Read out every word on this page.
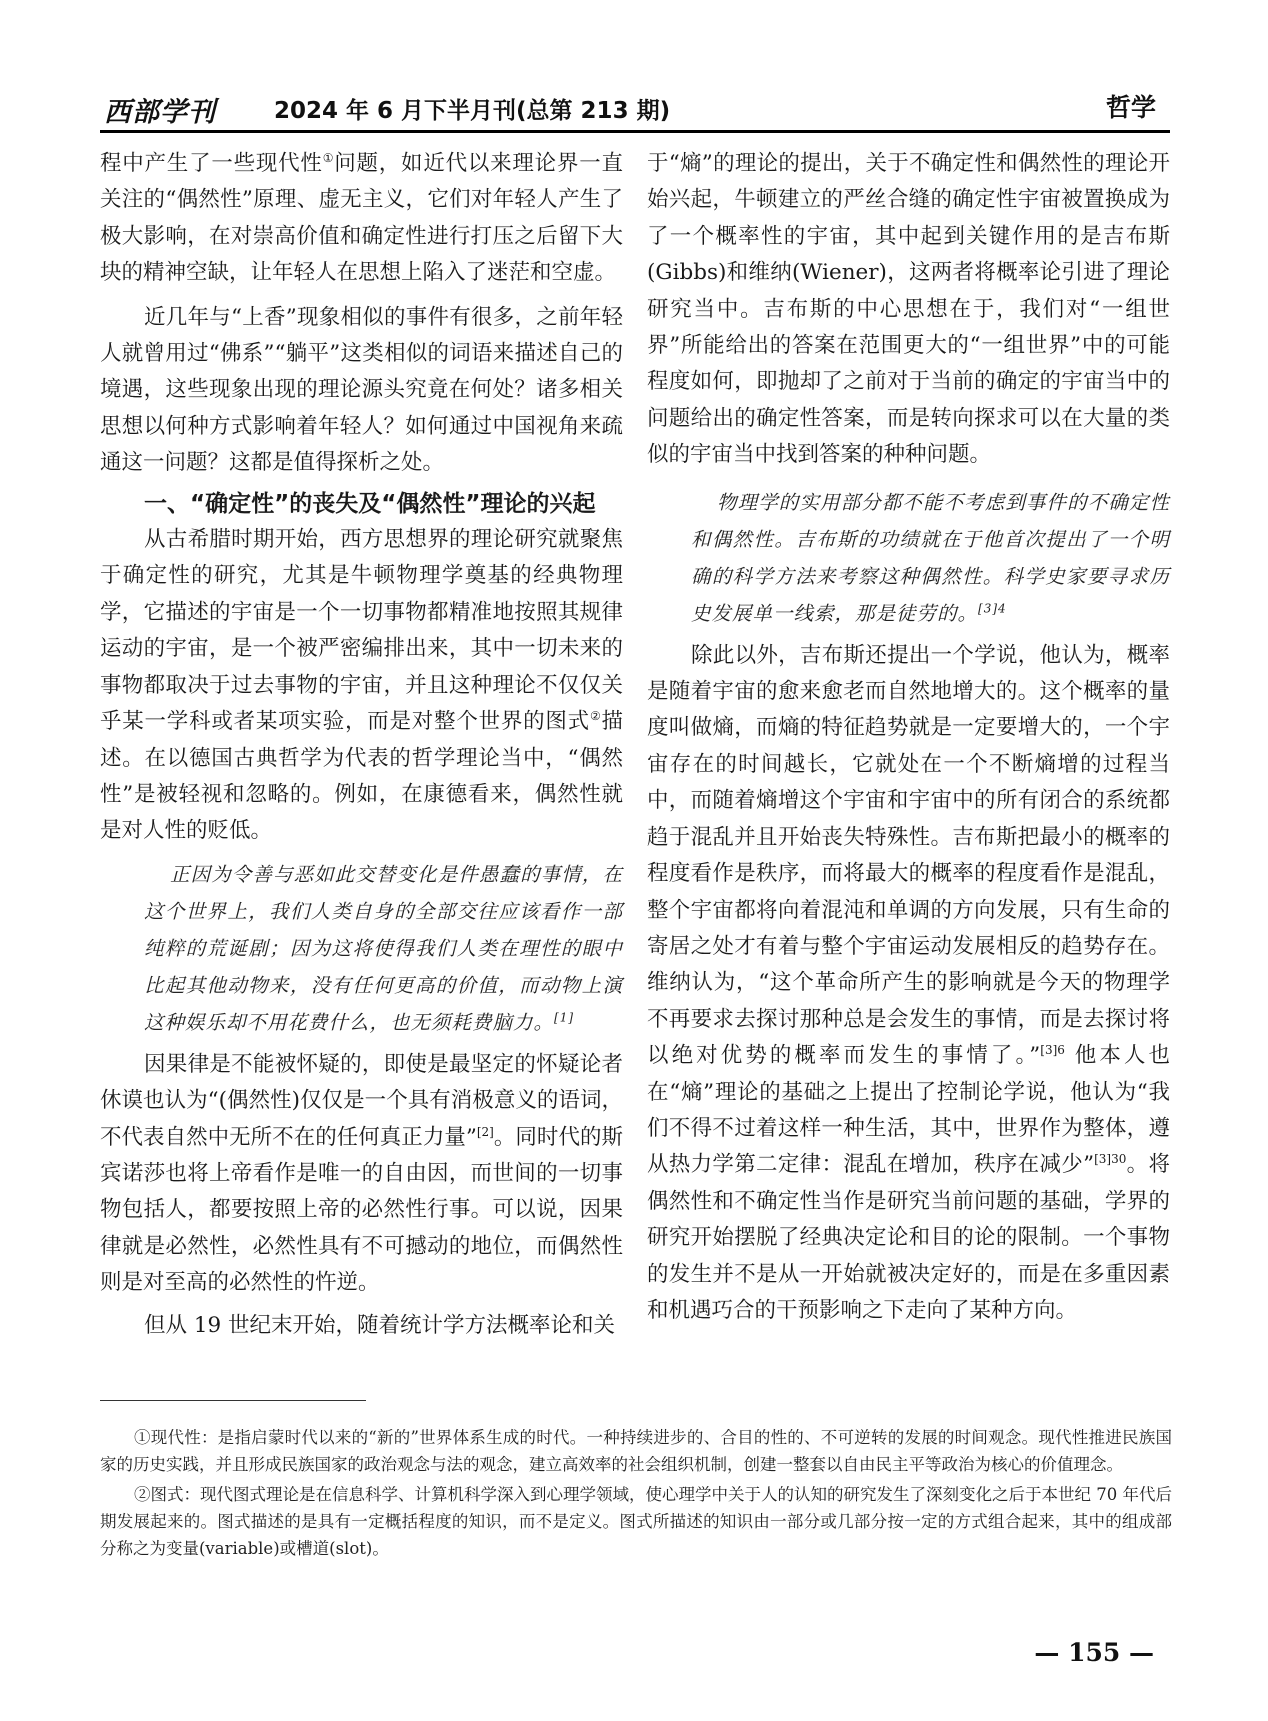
西部学刊	2024 年 6 月下半月刊(总第 213 期)	哲学

程中产生了一些现代性①问题，如近代以来理论界一直关注的“偶然性”原理、虚无主义，它们对年轻人产生了极大影响，在对崇高价值和确定性进行打压之后留下大块的精神空缺，让年轻人在思想上陷入了迷茫和空虚。

近几年与“上香”现象相似的事件有很多，之前年轻人就曾用过“佛系”“躺平”这类相似的词语来描述自己的境遇，这些现象出现的理论源头究竟在何处？诸多相关思想以何种方式影响着年轻人？如何通过中国视角来疏通这一问题？这都是值得探析之处。

一、“确定性”的丧失及“偶然性”理论的兴起

从古希腊时期开始，西方思想界的理论研究就聚焦于确定性的研究，尤其是牛顿物理学奠基的经典物理学，它描述的宇宙是一个一切事物都精准地按照其规律运动的宇宙，是一个被严密编排出来，其中一切未来的事物都取决于过去事物的宇宙，并且这种理论不仅仅关乎某一学科或者某项实验，而是对整个世界的图式②描述。在以德国古典哲学为代表的哲学理论当中，“偶然性”是被轻视和忽略的。例如，在康德看来，偶然性就是对人性的贬低。

正因为令善与恶如此交替变化是件愚蠢的事情，在这个世界上，我们人类自身的全部交往应该看作一部纯粹的荒诞剧；因为这将使得我们人类在理性的眼中比起其他动物来，没有任何更高的价值，而动物上演这种娱乐却不用花费什么，也无须耗费脑力。[1]

因果律是不能被怀疑的，即使是最坚定的怀疑论者休谟也认为“(偶然性)仅仅是一个具有消极意义的语词，不代表自然中无所不在的任何真正力量”[2]。同时代的斯宾诺莎也将上帝看作是唯一的自由因，而世间的一切事物包括人，都要按照上帝的必然性行事。可以说，因果律就是必然性，必然性具有不可撼动的地位，而偶然性则是对至高的必然性的忤逆。

但从 19 世纪末开始，随着统计学方法概率论和关

于“熵”的理论的提出，关于不确定性和偶然性的理论开始兴起，牛顿建立的严丝合缝的确定性宇宙被置换成为了一个概率性的宇宙，其中起到关键作用的是吉布斯(Gibbs)和维纳(Wiener)，这两者将概率论引进了理论研究当中。吉布斯的中心思想在于，我们对“一组世界”所能给出的答案在范围更大的“一组世界”中的可能程度如何，即抛却了之前对于当前的确定的宇宙当中的问题给出的确定性答案，而是转向探求可以在大量的类似的宇宙当中找到答案的种种问题。

物理学的实用部分都不能不考虑到事件的不确定性和偶然性。吉布斯的功绩就在于他首次提出了一个明确的科学方法来考察这种偶然性。科学史家要寻求历史发展单一线索，那是徒劳的。$^{[3]4}$

除此以外，吉布斯还提出一个学说，他认为，概率是随着宇宙的愈来愈老而自然地增大的。这个概率的量度叫做熵，而熵的特征趋势就是一定要增大的，一个宇宙存在的时间越长，它就处在一个不断熵增的过程当中，而随着熵增这个宇宙和宇宙中的所有闭合的系统都趋于混乱并且开始丧失特殊性。吉布斯把最小的概率的程度看作是秩序，而将最大的概率的程度看作是混乱，整个宇宙都将向着混沌和单调的方向发展，只有生命的寄居之处才有着与整个宇宙运动发展相反的趋势存在。维纳认为，“这个革命所产生的影响就是今天的物理学不再要求去探讨那种总是会发生的事情，而是去探讨将以绝对优势的概率而发生的事情了。”$^{[3]6}$ 他本人也在“熵”理论的基础之上提出了控制论学说，他认为“我们不得不过着这样一种生活，其中，世界作为整体，遵从热力学第二定律：混乱在增加，秩序在减少”$^{[3]30}$。将偶然性和不确定性当作是研究当前问题的基础，学界的研究开始摆脱了经典决定论和目的论的限制。一个事物的发生并不是从一开始就被决定好的，而是在多重因素和机遇巧合的干预影响之下走向了某种方向。

①现代性：是指启蒙时代以来的“新的”世界体系生成的时代。一种持续进步的、合目的性的、不可逆转的发展的时间观念。现代性推进民族国家的历史实践，并且形成民族国家的政治观念与法的观念，建立高效率的社会组织机制，创建一整套以自由民主平等政治为核心的价值理念。

②图式：现代图式理论是在信息科学、计算机科学深入到心理学领域，使心理学中关于人的认知的研究发生了深刻变化之后于本世纪 70 年代后期发展起来的。图式描述的是具有一定概括程度的知识，而不是定义。图式所描述的知识由一部分或几部分按一定的方式组合起来，其中的组成部分称之为变量(variable)或槽道(slot)。

— 155 —
